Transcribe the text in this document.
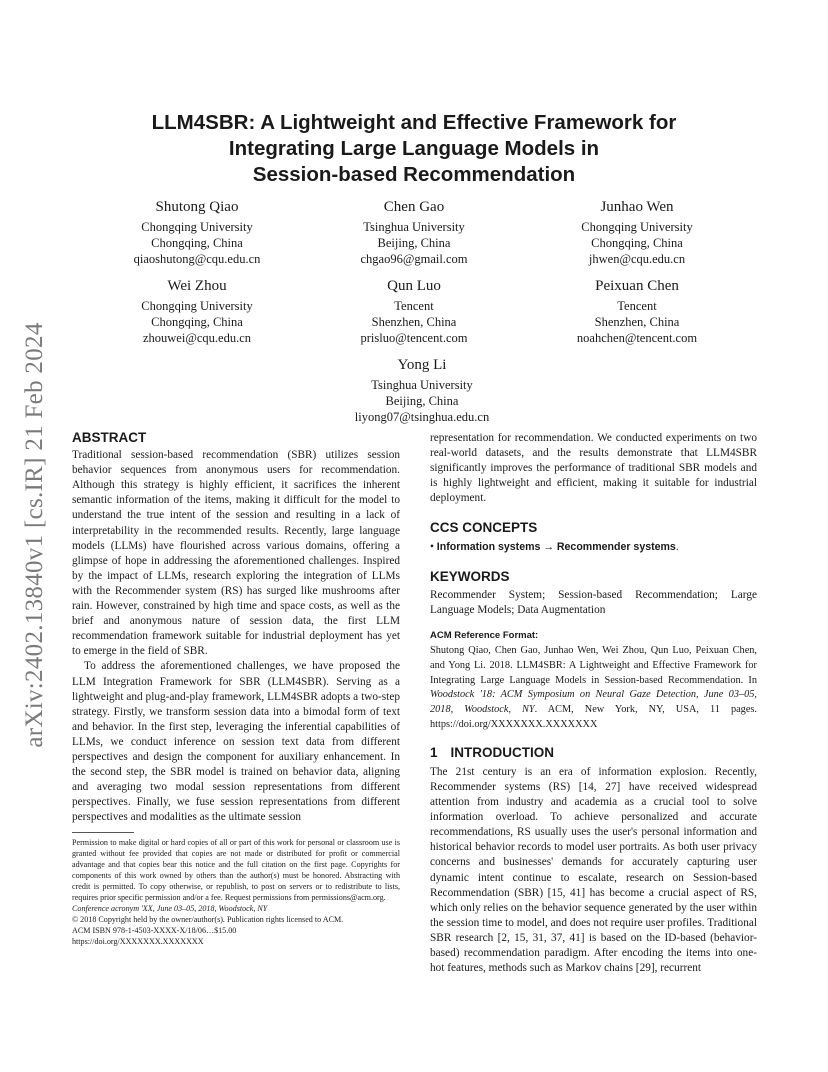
arXiv:2402.13840v1 [cs.IR] 21 Feb 2024
LLM4SBR: A Lightweight and Effective Framework for
Integrating Large Language Models in
Session-based Recommendation
Shutong Qiao
Chongqing University
Chongqing, China
qiaoshutong@cqu.edu.cn
Chen Gao
Tsinghua University
Beijing, China
chgao96@gmail.com
Junhao Wen
Chongqing University
Chongqing, China
jhwen@cqu.edu.cn
Wei Zhou
Chongqing University
Chongqing, China
zhouwei@cqu.edu.cn
Qun Luo
Tencent
Shenzhen, China
prisluo@tencent.com
Peixuan Chen
Tencent
Shenzhen, China
noahchen@tencent.com
Yong Li
Tsinghua University
Beijing, China
liyong07@tsinghua.edu.cn
ABSTRACT

Traditional session-based recommendation (SBR) utilizes session behavior sequences from anonymous users for recommendation. Although this strategy is highly efficient, it sacrifices the inherent semantic information of the items, making it difficult for the model to understand the true intent of the session and resulting in a lack of interpretability in the recommended results. Recently, large language models (LLMs) have flourished across various domains, offering a glimpse of hope in addressing the aforementioned challenges. Inspired by the impact of LLMs, research exploring the integration of LLMs with the Recommender system (RS) has surged like mushrooms after rain. However, constrained by high time and space costs, as well as the brief and anonymous nature of session data, the first LLM recommendation framework suitable for industrial deployment has yet to emerge in the field of SBR.

To address the aforementioned challenges, we have proposed the LLM Integration Framework for SBR (LLM4SBR). Serving as a lightweight and plug-and-play framework, LLM4SBR adopts a two-step strategy. Firstly, we transform session data into a bimodal form of text and behavior. In the first step, leveraging the inferential capabilities of LLMs, we conduct inference on session text data from different perspectives and design the component for auxiliary enhancement. In the second step, the SBR model is trained on behavior data, aligning and averaging two modal session representations from different perspectives. Finally, we fuse session representations from different perspectives and modalities as the ultimate session

Permission to make digital or hard copies of all or part of this work for personal or classroom use is granted without fee provided that copies are not made or distributed for profit or commercial advantage and that copies bear this notice and the full citation on the first page. Copyrights for components of this work owned by others than the author(s) must be honored. Abstracting with credit is permitted. To copy otherwise, or republish, to post on servers or to redistribute to lists, requires prior specific permission and/or a fee. Request permissions from permissions@acm.org.

Conference acronym 'XX, June 03–05, 2018, Woodstock, NY

© 2018 Copyright held by the owner/author(s). Publication rights licensed to ACM.

ACM ISBN 978-1-4503-XXXX-X/18/06…$15.00

https://doi.org/XXXXXXX.XXXXXXX

representation for recommendation. We conducted experiments on two real-world datasets, and the results demonstrate that LLM4SBR significantly improves the performance of traditional SBR models and is highly lightweight and efficient, making it suitable for industrial deployment.

CCS CONCEPTS

• Information systems → Recommender systems.

KEYWORDS

Recommender System; Session-based Recommendation; Large Language Models; Data Augmentation

ACM Reference Format:

Shutong Qiao, Chen Gao, Junhao Wen, Wei Zhou, Qun Luo, Peixuan Chen, and Yong Li. 2018. LLM4SBR: A Lightweight and Effective Framework for Integrating Large Language Models in Session-based Recommendation. In Woodstock '18: ACM Symposium on Neural Gaze Detection, June 03–05, 2018, Woodstock, NY. ACM, New York, NY, USA, 11 pages. https://doi.org/XXXXXXX.XXXXXXX

1 INTRODUCTION

The 21st century is an era of information explosion. Recently, Recommender systems (RS) [14, 27] have received widespread attention from industry and academia as a crucial tool to solve information overload. To achieve personalized and accurate recommendations, RS usually uses the user's personal information and historical behavior records to model user portraits. As both user privacy concerns and businesses' demands for accurately capturing user dynamic intent continue to escalate, research on Session-based Recommendation (SBR) [15, 41] has become a crucial aspect of RS, which only relies on the behavior sequence generated by the user within the session time to model, and does not require user profiles. Traditional SBR research [2, 15, 31, 37, 41] is based on the ID-based (behavior-based) recommendation paradigm. After encoding the items into one-hot features, methods such as Markov chains [29], recurrent
